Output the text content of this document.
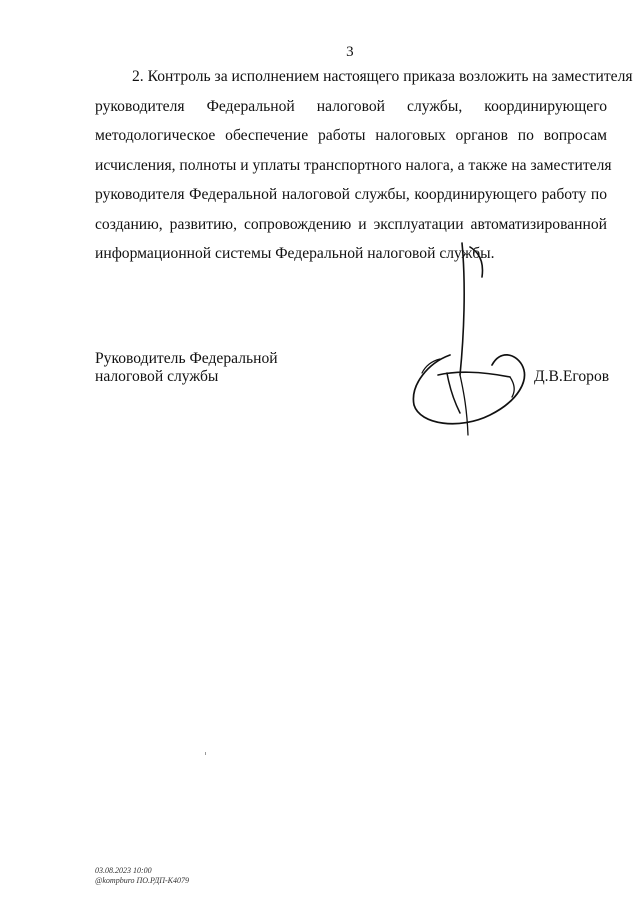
3
2. Контроль за исполнением настоящего приказа возложить на заместителя
руководителя Федеральной налоговой службы, координирующего
методологическое обеспечение работы налоговых органов по вопросам
исчисления, полноты и уплаты транспортного налога, а также на заместителя
руководителя Федеральной налоговой службы, координирующего работу по
созданию, развитию, сопровождению и эксплуатации автоматизированной
информационной системы Федеральной налоговой службы.
Руководитель Федеральной
налоговой службы	Д.В.Егоров
03.08.2023 10:00
@kompburo ПО.РДП-К4079
